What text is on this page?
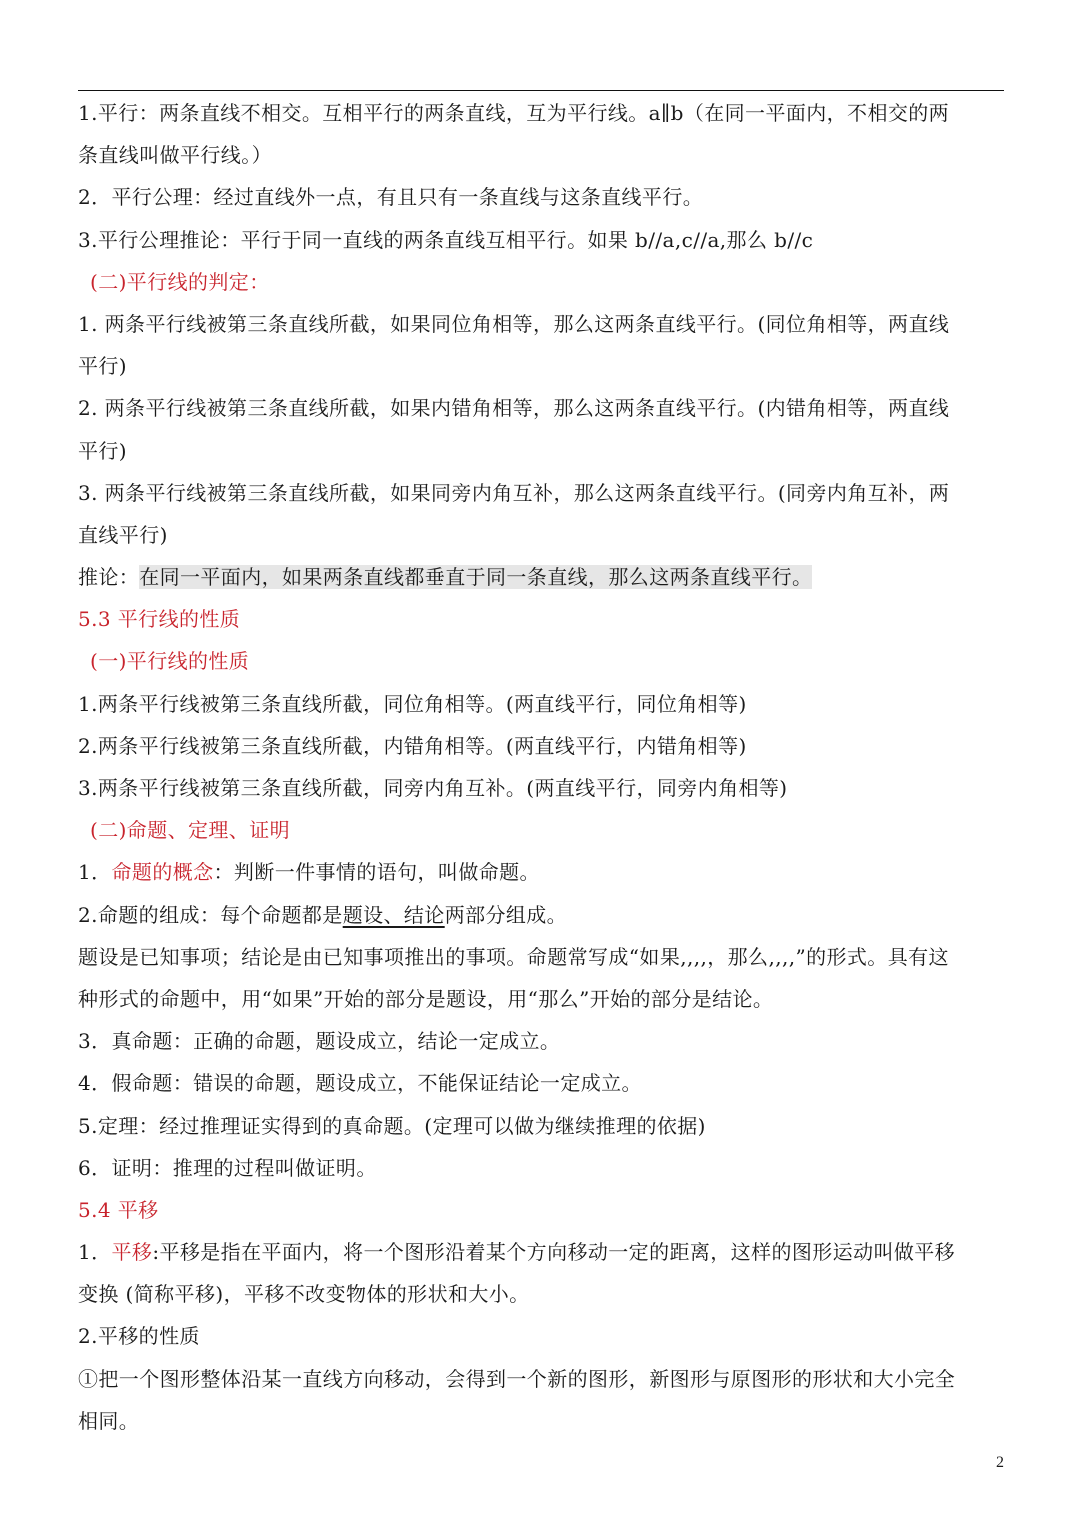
1.平行：两条直线不相交。互相平行的两条直线，互为平行线。a∥b（在同一平面内，不相交的两
条直线叫做平行线。）
2．平行公理：经过直线外一点，有且只有一条直线与这条直线平行。
3.平行公理推论：平行于同一直线的两条直线互相平行。如果 b//a,c//a,那么 b//c
(二)平行线的判定：
1. 两条平行线被第三条直线所截，如果同位角相等，那么这两条直线平行。(同位角相等，两直线
平行)
2. 两条平行线被第三条直线所截，如果内错角相等，那么这两条直线平行。(内错角相等，两直线
平行)
3. 两条平行线被第三条直线所截，如果同旁内角互补，那么这两条直线平行。(同旁内角互补，两
直线平行)
推论：在同一平面内，如果两条直线都垂直于同一条直线，那么这两条直线平行。
5.3 平行线的性质
(一)平行线的性质
1.两条平行线被第三条直线所截，同位角相等。(两直线平行，同位角相等)
2.两条平行线被第三条直线所截，内错角相等。(两直线平行，内错角相等)
3.两条平行线被第三条直线所截，同旁内角互补。(两直线平行，同旁内角相等)
(二)命题、定理、证明
1．命题的概念：判断一件事情的语句，叫做命题。
2.命题的组成：每个命题都是题设、结论两部分组成。
题设是已知事项；结论是由已知事项推出的事项。命题常写成“如果,,,,，那么,,,,”的形式。具有这
种形式的命题中，用“如果”开始的部分是题设，用“那么”开始的部分是结论。
3．真命题：正确的命题，题设成立，结论一定成立。
4．假命题：错误的命题，题设成立，不能保证结论一定成立。
5.定理：经过推理证实得到的真命题。(定理可以做为继续推理的依据)
6．证明：推理的过程叫做证明。
5.4 平移
1．平移:平移是指在平面内，将一个图形沿着某个方向移动一定的距离，这样的图形运动叫做平移
变换 (简称平移)，平移不改变物体的形状和大小。
2.平移的性质
①把一个图形整体沿某一直线方向移动，会得到一个新的图形，新图形与原图形的形状和大小完全
相同。
2
